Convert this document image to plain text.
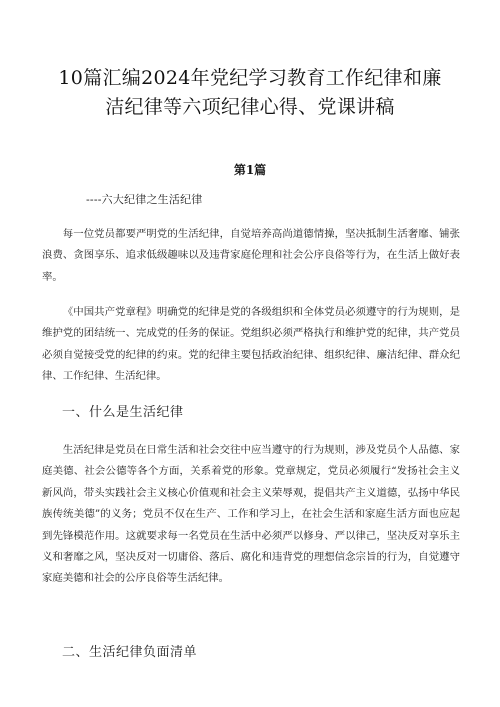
10篇汇编2024年党纪学习教育工作纪律和廉洁纪律等六项纪律心得、党课讲稿
第1篇
----六大纪律之生活纪律

每一位党员都要严明党的生活纪律，自觉培养高尚道德情操，坚决抵制生活奢靡、铺张浪费、贪图享乐、追求低级趣味以及违背家庭伦理和社会公序良俗等行为，在生活上做好表率。

《中国共产党章程》明确党的纪律是党的各级组织和全体党员必须遵守的行为规则，是维护党的团结统一、完成党的任务的保证。党组织必须严格执行和维护党的纪律，共产党员必须自觉接受党的纪律的约束。党的纪律主要包括政治纪律、组织纪律、廉洁纪律、群众纪律、工作纪律、生活纪律。

一、什么是生活纪律

生活纪律是党员在日常生活和社会交往中应当遵守的行为规则，涉及党员个人品德、家庭美德、社会公德等各个方面，关系着党的形象。党章规定，党员必须履行“发扬社会主义新风尚，带头实践社会主义核心价值观和社会主义荣辱观，提倡共产主义道德，弘扬中华民族传统美德”的义务；党员不仅在生产、工作和学习上，在社会生活和家庭生活方面也应起到先锋模范作用。这就要求每一名党员在生活中必须严以修身、严以律己，坚决反对享乐主义和奢靡之风，坚决反对一切庸俗、落后、腐化和违背党的理想信念宗旨的行为，自觉遵守家庭美德和社会的公序良俗等生活纪律。

二、生活纪律负面清单
